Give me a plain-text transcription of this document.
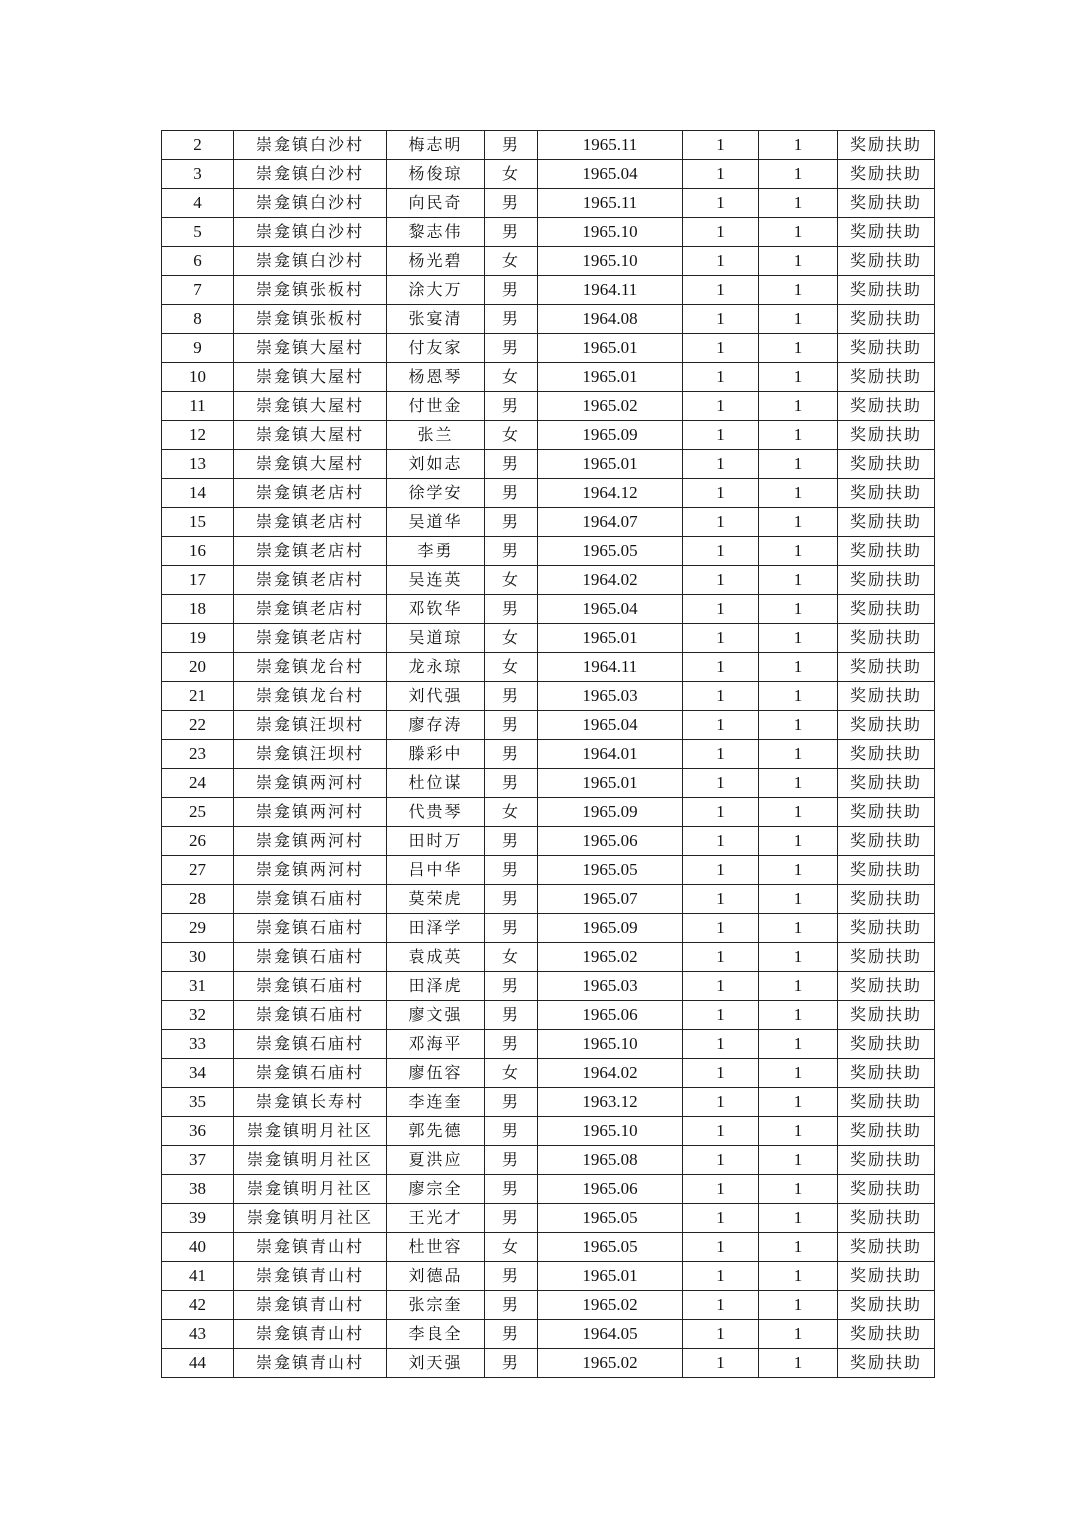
2	崇龛镇白沙村	梅志明	男	1965.11	1	1	奖励扶助
3	崇龛镇白沙村	杨俊琼	女	1965.04	1	1	奖励扶助
4	崇龛镇白沙村	向民奇	男	1965.11	1	1	奖励扶助
5	崇龛镇白沙村	黎志伟	男	1965.10	1	1	奖励扶助
6	崇龛镇白沙村	杨光碧	女	1965.10	1	1	奖励扶助
7	崇龛镇张板村	涂大万	男	1964.11	1	1	奖励扶助
8	崇龛镇张板村	张宴清	男	1964.08	1	1	奖励扶助
9	崇龛镇大屋村	付友家	男	1965.01	1	1	奖励扶助
10	崇龛镇大屋村	杨恩琴	女	1965.01	1	1	奖励扶助
11	崇龛镇大屋村	付世金	男	1965.02	1	1	奖励扶助
12	崇龛镇大屋村	张兰	女	1965.09	1	1	奖励扶助
13	崇龛镇大屋村	刘如志	男	1965.01	1	1	奖励扶助
14	崇龛镇老店村	徐学安	男	1964.12	1	1	奖励扶助
15	崇龛镇老店村	吴道华	男	1964.07	1	1	奖励扶助
16	崇龛镇老店村	李勇	男	1965.05	1	1	奖励扶助
17	崇龛镇老店村	吴连英	女	1964.02	1	1	奖励扶助
18	崇龛镇老店村	邓钦华	男	1965.04	1	1	奖励扶助
19	崇龛镇老店村	吴道琼	女	1965.01	1	1	奖励扶助
20	崇龛镇龙台村	龙永琼	女	1964.11	1	1	奖励扶助
21	崇龛镇龙台村	刘代强	男	1965.03	1	1	奖励扶助
22	崇龛镇汪坝村	廖存涛	男	1965.04	1	1	奖励扶助
23	崇龛镇汪坝村	滕彩中	男	1964.01	1	1	奖励扶助
24	崇龛镇两河村	杜位谋	男	1965.01	1	1	奖励扶助
25	崇龛镇两河村	代贵琴	女	1965.09	1	1	奖励扶助
26	崇龛镇两河村	田时万	男	1965.06	1	1	奖励扶助
27	崇龛镇两河村	吕中华	男	1965.05	1	1	奖励扶助
28	崇龛镇石庙村	莫荣虎	男	1965.07	1	1	奖励扶助
29	崇龛镇石庙村	田泽学	男	1965.09	1	1	奖励扶助
30	崇龛镇石庙村	袁成英	女	1965.02	1	1	奖励扶助
31	崇龛镇石庙村	田泽虎	男	1965.03	1	1	奖励扶助
32	崇龛镇石庙村	廖文强	男	1965.06	1	1	奖励扶助
33	崇龛镇石庙村	邓海平	男	1965.10	1	1	奖励扶助
34	崇龛镇石庙村	廖伍容	女	1964.02	1	1	奖励扶助
35	崇龛镇长寿村	李连奎	男	1963.12	1	1	奖励扶助
36	崇龛镇明月社区	郭先德	男	1965.10	1	1	奖励扶助
37	崇龛镇明月社区	夏洪应	男	1965.08	1	1	奖励扶助
38	崇龛镇明月社区	廖宗全	男	1965.06	1	1	奖励扶助
39	崇龛镇明月社区	王光才	男	1965.05	1	1	奖励扶助
40	崇龛镇青山村	杜世容	女	1965.05	1	1	奖励扶助
41	崇龛镇青山村	刘德品	男	1965.01	1	1	奖励扶助
42	崇龛镇青山村	张宗奎	男	1965.02	1	1	奖励扶助
43	崇龛镇青山村	李良全	男	1964.05	1	1	奖励扶助
44	崇龛镇青山村	刘天强	男	1965.02	1	1	奖励扶助
